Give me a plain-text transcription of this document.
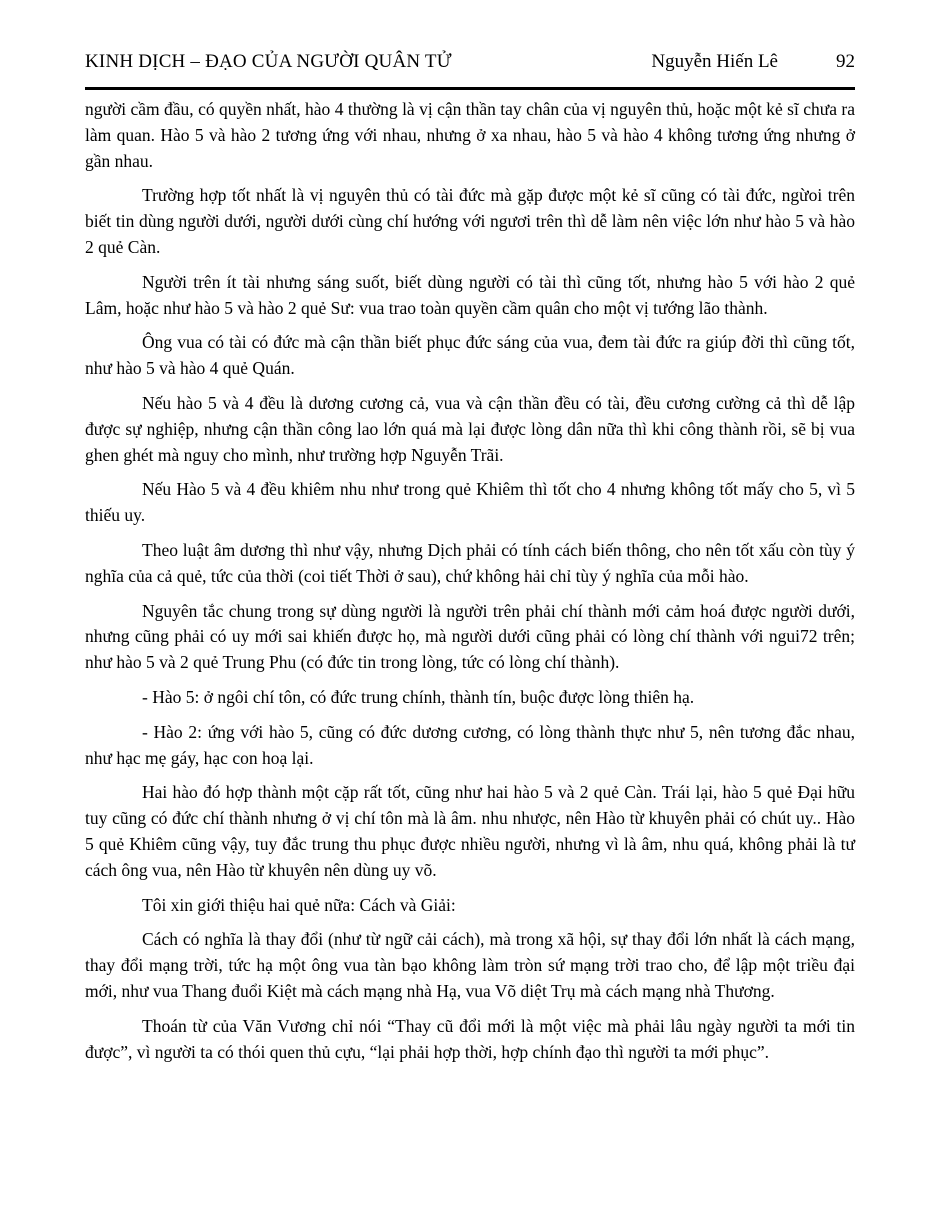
KINH DỊCH – ĐẠO CỦA NGƯỜI QUÂN TỬ	Nguyễn Hiến Lê	92

người cầm đầu, có quyền nhất, hào 4 thường là vị cận thần tay chân của vị nguyên thủ, hoặc một kẻ sĩ chưa ra làm quan. Hào 5 và hào 2 tương ứng với nhau, nhưng ở xa nhau, hào 5 và hào 4 không tương ứng nhưng ở gần nhau.

Trường hợp tốt nhất là vị nguyên thủ có tài đức mà gặp được một kẻ sĩ cũng có tài đức, ngừoi trên biết tin dùng người dưới, người dưới cùng chí hướng với ngươi trên thì dễ làm nên việc lớn như hào 5 và hào 2 quẻ Càn.

Người trên ít tài nhưng sáng suốt, biết dùng người có tài thì cũng tốt, nhưng hào 5 với hào 2 quẻ Lâm, hoặc như hào 5 và hào 2 quẻ Sư: vua trao toàn quyền cầm quân cho một vị tướng lão thành.

Ông vua có tài có đức mà cận thần biết phục đức sáng của vua, đem tài đức ra giúp đời thì cũng tốt, như hào 5 và hào 4 quẻ Quán.

Nếu hào 5 và 4 đều là dương cương cả, vua và cận thần đều có tài, đều cương cường cả thì dễ lập được sự nghiệp, nhưng cận thần công lao lớn quá mà lại được lòng dân nữa thì khi công thành rồi, sẽ bị vua ghen ghét mà nguy cho mình, như trường hợp Nguyễn Trãi.

Nếu Hào 5 và 4 đều khiêm nhu như trong quẻ Khiêm thì tốt cho 4 nhưng không tốt mấy cho 5, vì 5 thiếu uy.

Theo luật âm dương thì như vậy, nhưng Dịch phải có tính cách biến thông, cho nên tốt xấu còn tùy ý nghĩa của cả quẻ, tức của thời (coi tiết Thời ở sau), chứ không hải chỉ tùy ý nghĩa của mỗi hào.

Nguyên tắc chung trong sự dùng người là người trên phải chí thành mới cảm hoá được người dưới, nhưng cũng phải có uy mới sai khiến được họ, mà người dưới cũng phải có lòng chí thành với ngui72 trên; như hào 5 và 2 quẻ Trung Phu (có đức tin trong lòng, tức có lòng chí thành).

- Hào 5: ở ngôi chí tôn, có đức trung chính, thành tín, buộc được lòng thiên hạ.

- Hào 2: ứng với hào 5, cũng có đức dương cương, có lòng thành thực như 5, nên tương đắc nhau, như hạc mẹ gáy, hạc con hoạ lại.

Hai hào đó hợp thành một cặp rất tốt, cũng như hai hào 5 và 2 quẻ Càn. Trái lại, hào 5 quẻ Đại hữu tuy cũng có đức chí thành nhưng ở vị chí tôn mà là âm. nhu nhược, nên Hào từ khuyên phải có chút uy.. Hào 5 quẻ Khiêm cũng vậy, tuy đắc trung thu phục được nhiều người, nhưng vì là âm, nhu quá, không phải là tư cách ông vua, nên Hào từ khuyên nên dùng uy võ.

Tôi xin giới thiệu hai quẻ nữa: Cách và Giải:

Cách có nghĩa là thay đổi (như từ ngữ cải cách), mà trong xã hội, sự thay đổi lớn nhất là cách mạng, thay đổi mạng trời, tức hạ một ông vua tàn bạo không làm tròn sứ mạng trời trao cho, để lập một triều đại mới, như vua Thang đuổi Kiệt mà cách mạng nhà Hạ, vua Võ diệt Trụ mà cách mạng nhà Thương.

Thoán từ của Văn Vương chỉ nói “Thay cũ đổi mới là một việc mà phải lâu ngày người ta mới tin được”, vì người ta có thói quen thủ cựu, “lại phải hợp thời, hợp chính đạo thì người ta mới phục”.
